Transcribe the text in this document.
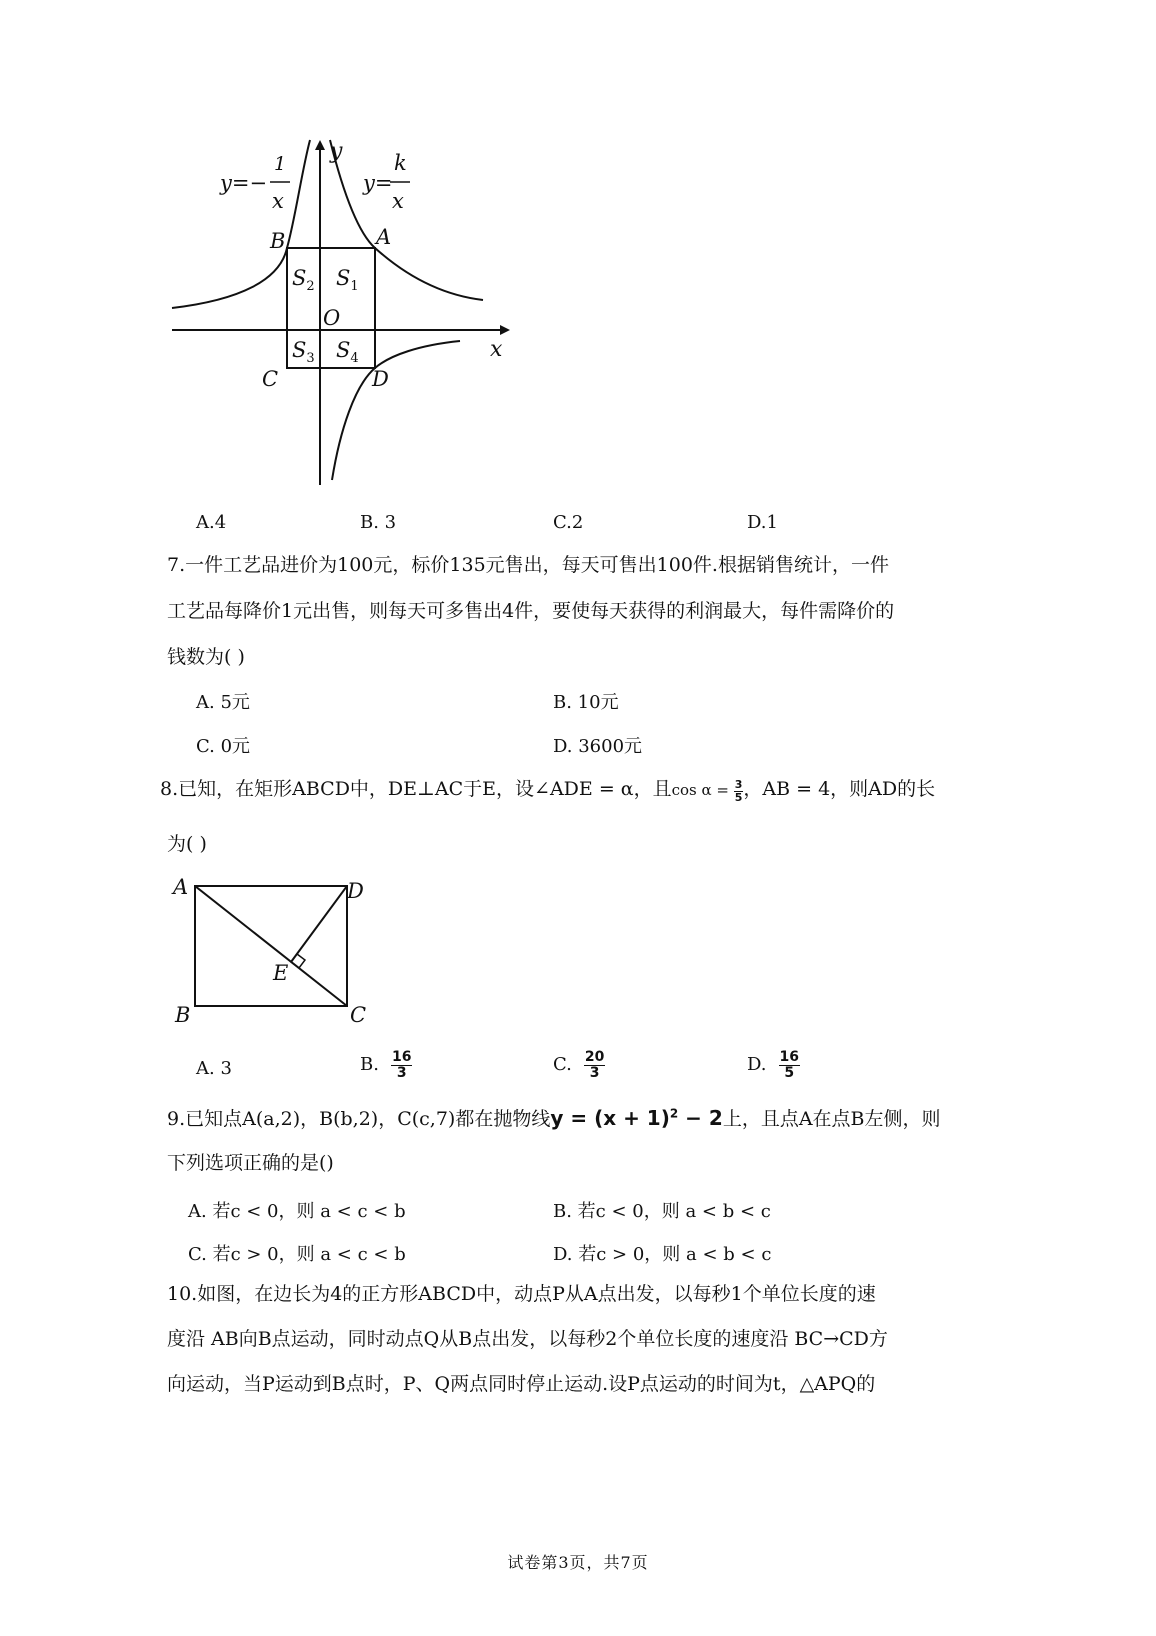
y
x
O
A
B
C	D
$S_2$ $S_1$
$S_3$ $S_4$
y=−
1
x
y=
k
x
A.4	B. 3	C.2	D.1
7.一件工艺品进价为100元，标价135元售出，每天可售出100件.根据销售统计，一件
工艺品每降价1元出售，则每天可多售出4件，要使每天获得的利润最大，每件需降价的
钱数为( )
A. 5元	B. 10元
C. 0元	D. 3600元
8.已知，在矩形ABCD中，DE⊥AC于E，设∠ADE = α，且$\cos \alpha = \frac{3}{5}$ ，AB = 4，则AD的长
为( )
A
B	C
D
E
A. 3	B. $\frac{16}{3}$	C. $\frac{20}{3}$	D. $\frac{16}{5}$
9.已知点A(a,2)，B(b,2)，C(c,7)都在抛物线$y = (x + 1)^2 - 2$上，且点A在点B左侧，则
下列选项正确的是()
A. 若c < 0，则 a < c < b	B. 若c < 0，则 a < b < c
C. 若c > 0，则 a < c < b	D. 若c > 0，则 a < b < c
10.如图，在边长为4的正方形ABCD中，动点P从A点出发，以每秒1个单位长度的速
度沿 AB向B点运动，同时动点Q从B点出发，以每秒2个单位长度的速度沿 BC→CD方
向运动，当P运动到B点时，P、Q两点同时停止运动.设P点运动的时间为t，△APQ的
试卷第3页，共7页
